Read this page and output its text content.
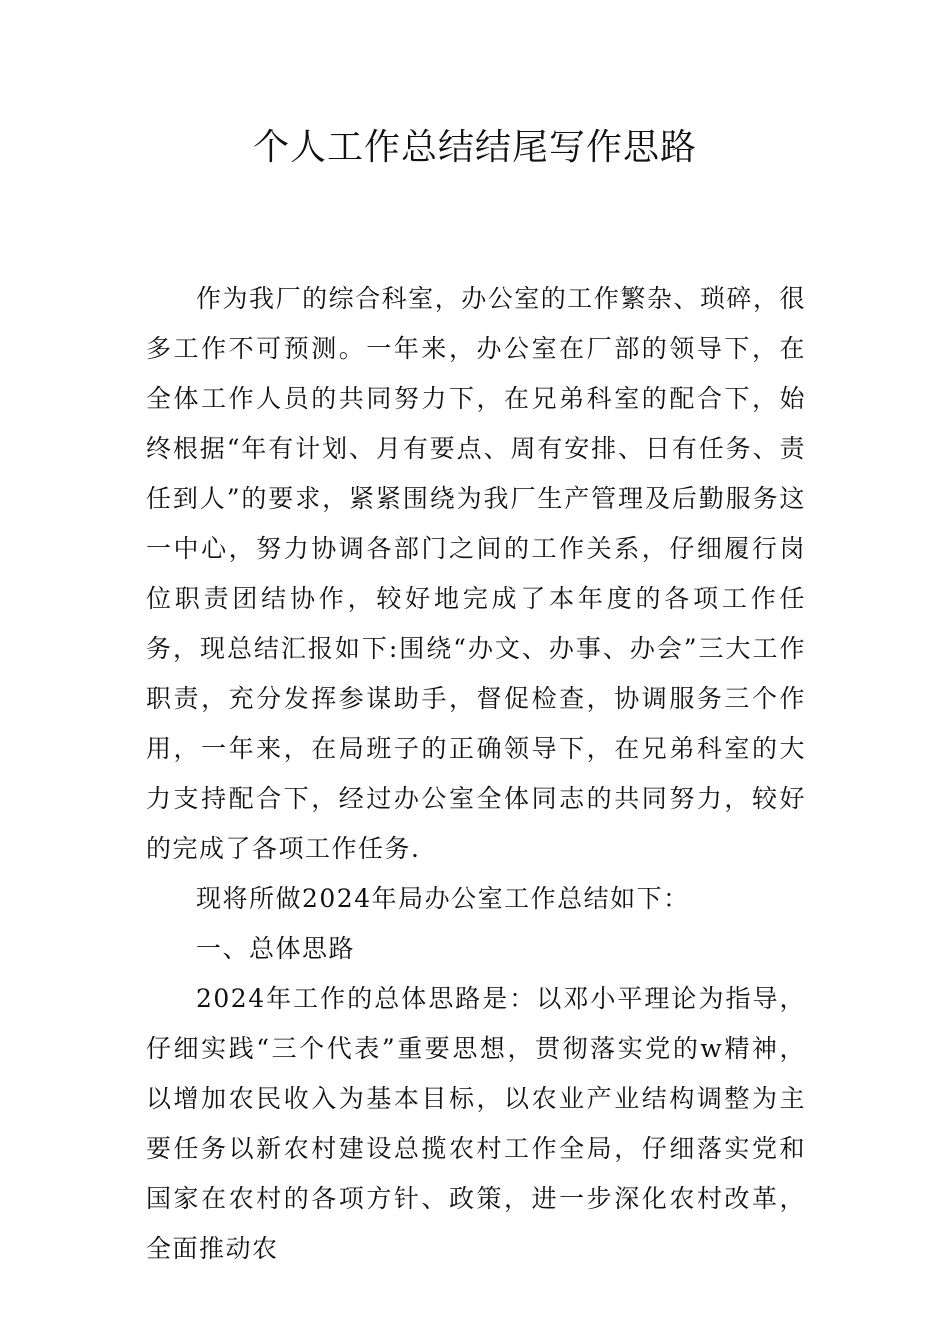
个人工作总结结尾写作思路

作为我厂的综合科室，办公室的工作繁杂、琐碎，很多工作不可预测。一年来，办公室在厂部的领导下，在全体工作人员的共同努力下，在兄弟科室的配合下，始终根据“年有计划、月有要点、周有安排、日有任务、责任到人”的要求，紧紧围绕为我厂生产管理及后勤服务这一中心，努力协调各部门之间的工作关系，仔细履行岗位职责团结协作，较好地完成了本年度的各项工作任务，现总结汇报如下:围绕“办文、办事、办会”三大工作职责，充分发挥参谋助手，督促检查，协调服务三个作用，一年来，在局班子的正确领导下，在兄弟科室的大力支持配合下，经过办公室全体同志的共同努力，较好的完成了各项工作任务.

现将所做2024年局办公室工作总结如下：

一、总体思路

2024年工作的总体思路是：以邓小平理论为指导，仔细实践“三个代表”重要思想，贯彻落实党的w精神，以增加农民收入为基本目标，以农业产业结构调整为主要任务以新农村建设总揽农村工作全局，仔细落实党和国家在农村的各项方针、政策，进一步深化农村改革，全面推动农
